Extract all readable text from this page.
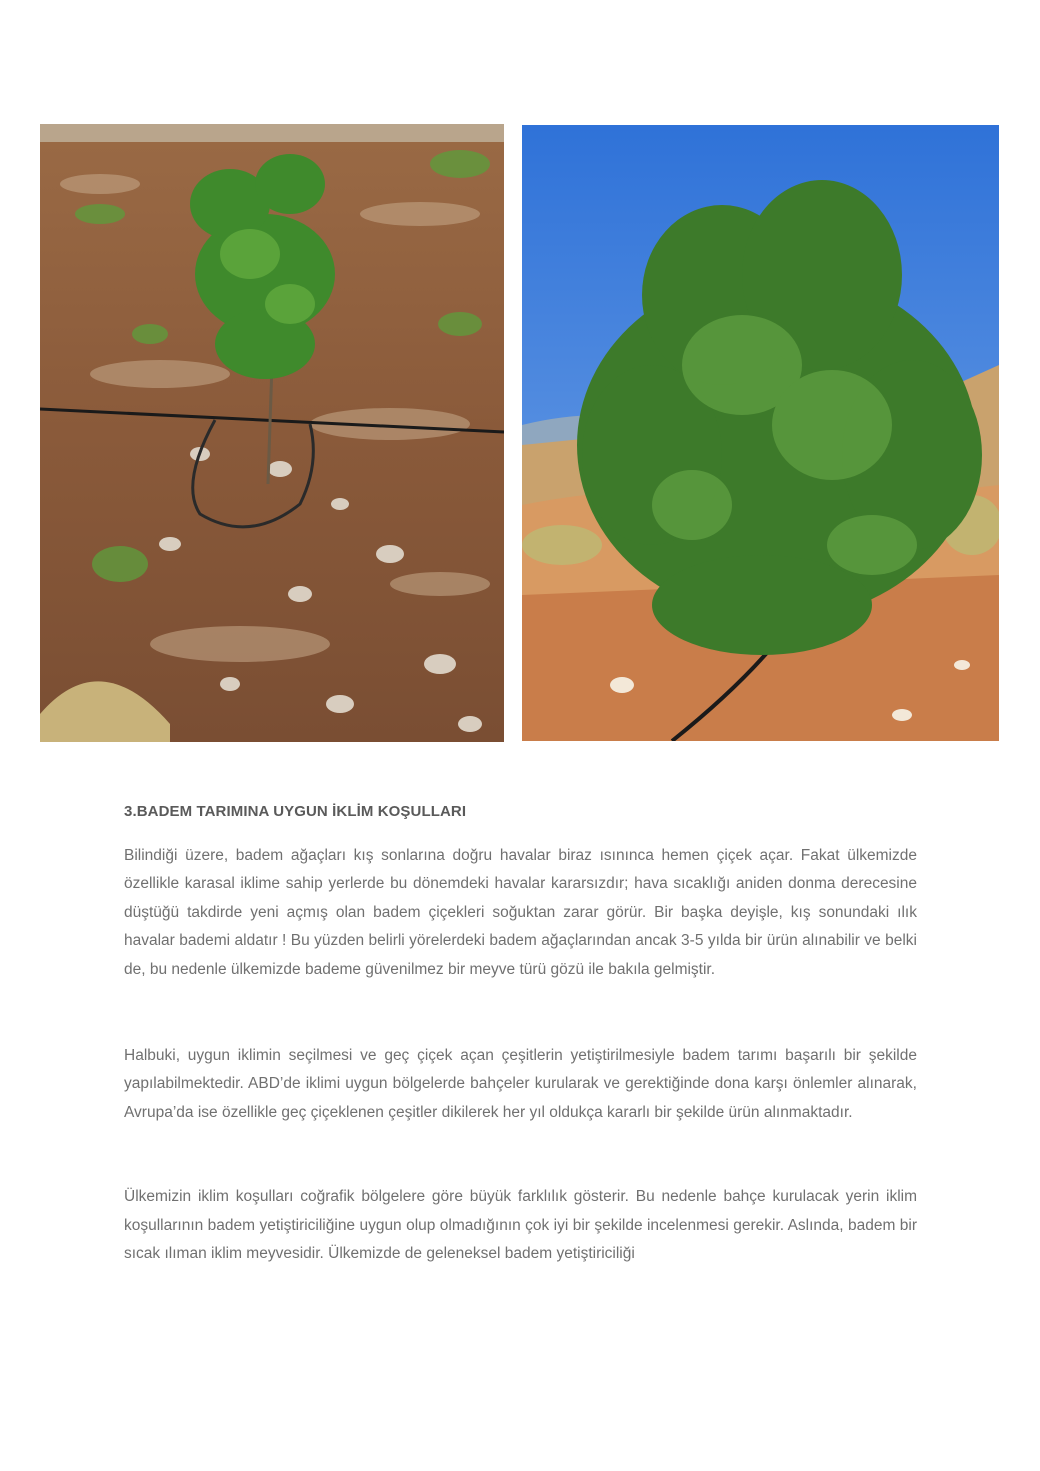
3.BADEM TARIMINA UYGUN İKLİM KOŞULLARI

Bilindiği üzere, badem ağaçları kış sonlarına doğru havalar biraz ısınınca hemen çiçek açar. Fakat ülkemizde özellikle karasal iklime sahip yerlerde bu dönemdeki havalar kararsızdır; hava sıcaklığı aniden donma derecesine düştüğü takdirde yeni açmış olan badem çiçekleri soğuktan zarar görür. Bir başka deyişle, kış sonundaki ılık havalar bademi aldatır ! Bu yüzden belirli yörelerdeki badem ağaçlarından ancak 3-5 yılda bir ürün alınabilir ve belki de, bu nedenle ülkemizde bademe güvenilmez bir meyve türü gözü ile bakıla gelmiştir.

Halbuki, uygun iklimin seçilmesi ve geç çiçek açan çeşitlerin yetiştirilmesiyle badem tarımı başarılı bir şekilde yapılabilmektedir. ABD’de iklimi uygun bölgelerde bahçeler kurularak ve gerektiğinde dona karşı önlemler alınarak, Avrupa’da ise özellikle geç çiçeklenen çeşitler dikilerek her yıl oldukça kararlı bir şekilde ürün alınmaktadır.

Ülkemizin iklim koşulları coğrafik bölgelere göre büyük farklılık gösterir. Bu nedenle bahçe kurulacak yerin iklim koşullarının badem yetiştiriciliğine uygun olup olmadığının çok iyi bir şekilde incelenmesi gerekir. Aslında, badem bir sıcak ılıman iklim meyvesidir. Ülkemizde de geleneksel badem yetiştiriciliği
